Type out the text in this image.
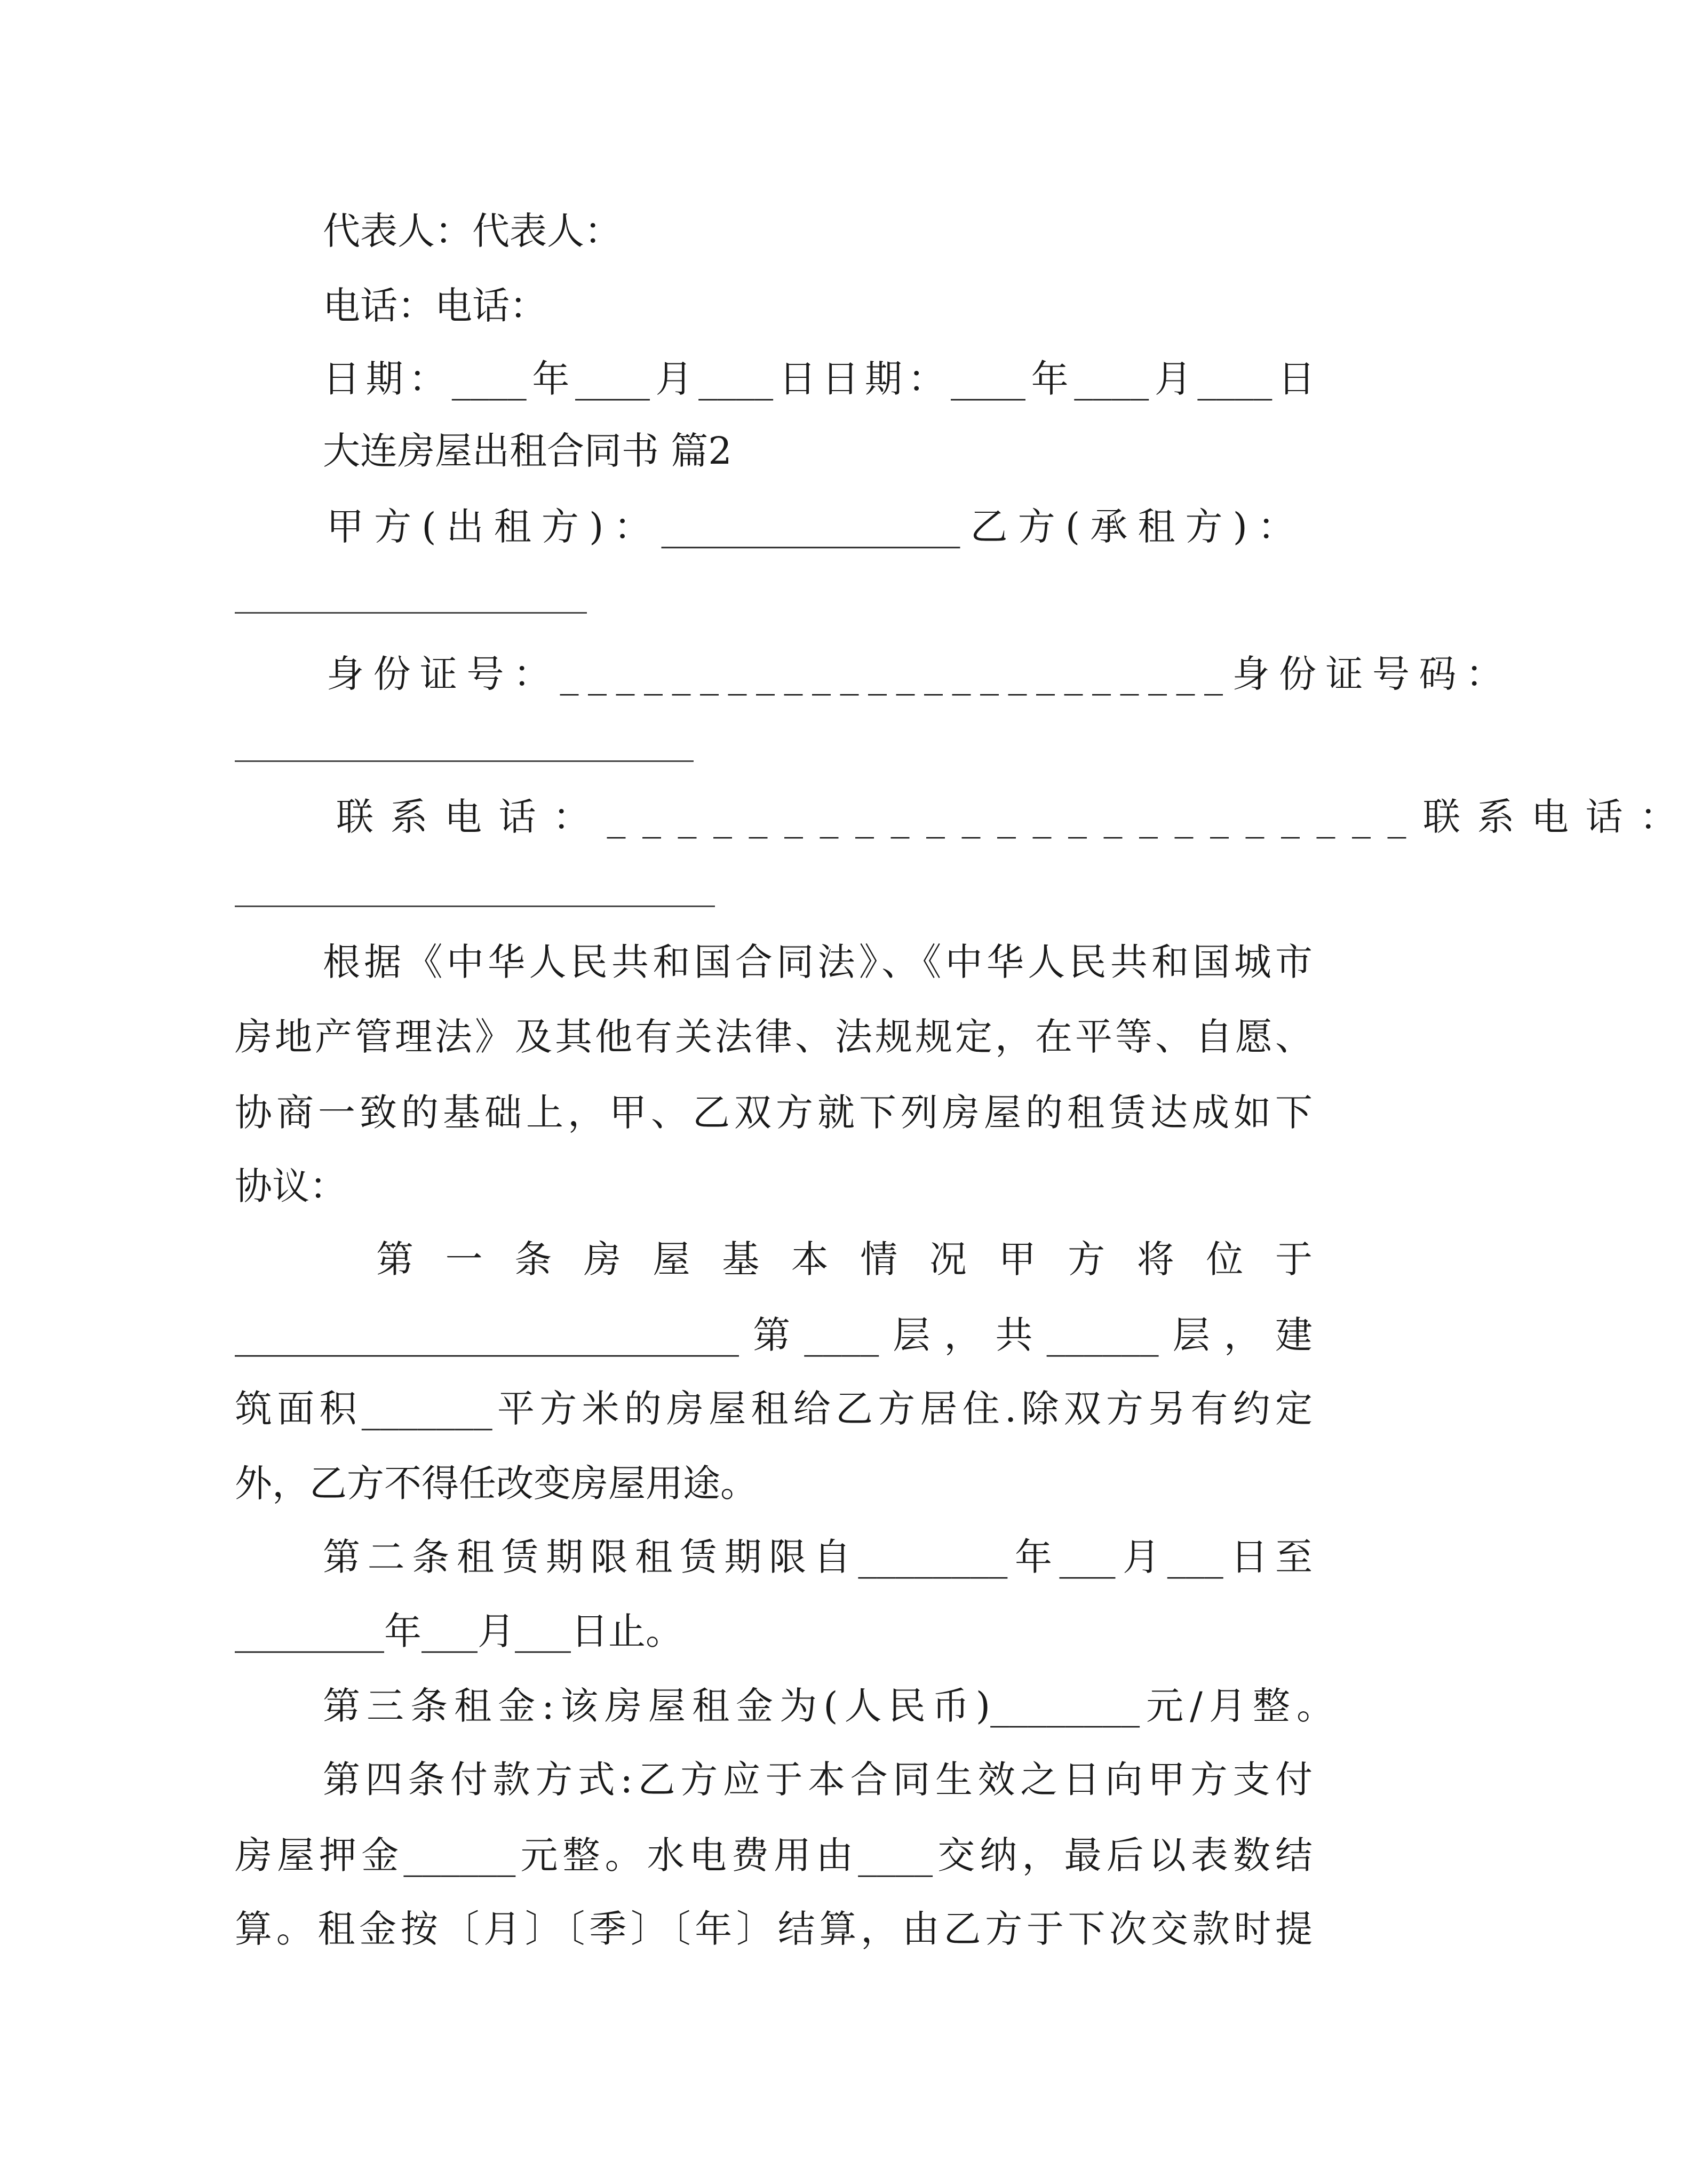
代表人：代表人：
电话：电话：
日期：____年____月____日日期：____年____月____日
大连房屋出租合同书 篇2
甲方(出租方)：________________乙方(承租方)：
身份证号：________________________身份证号码：
联系电话：_______________________联系电话：
根据《中华人民共和国合同法》、《中华人民共和国城市
房地产管理法》及其他有关法律、法规规定，在平等、自愿、
协商一致的基础上，甲、乙双方就下列房屋的租赁达成如下
协议：
第一条房屋基本情况甲方将位于
___________________________第____层，共______层，建
筑面积_______平方米的房屋租给乙方居住.除双方另有约定
外，乙方不得任改变房屋用途。
第二条租赁期限租赁期限自________年___月___日至
________年___月___日止。
第三条租金:该房屋租金为(人民币)________元/月整。
第四条付款方式:乙方应于本合同生效之日向甲方支付
房屋押金______元整。水电费用由____交纳，最后以表数结
算。租金按〔月〕〔季〕〔年〕结算，由乙方于下次交款时提
